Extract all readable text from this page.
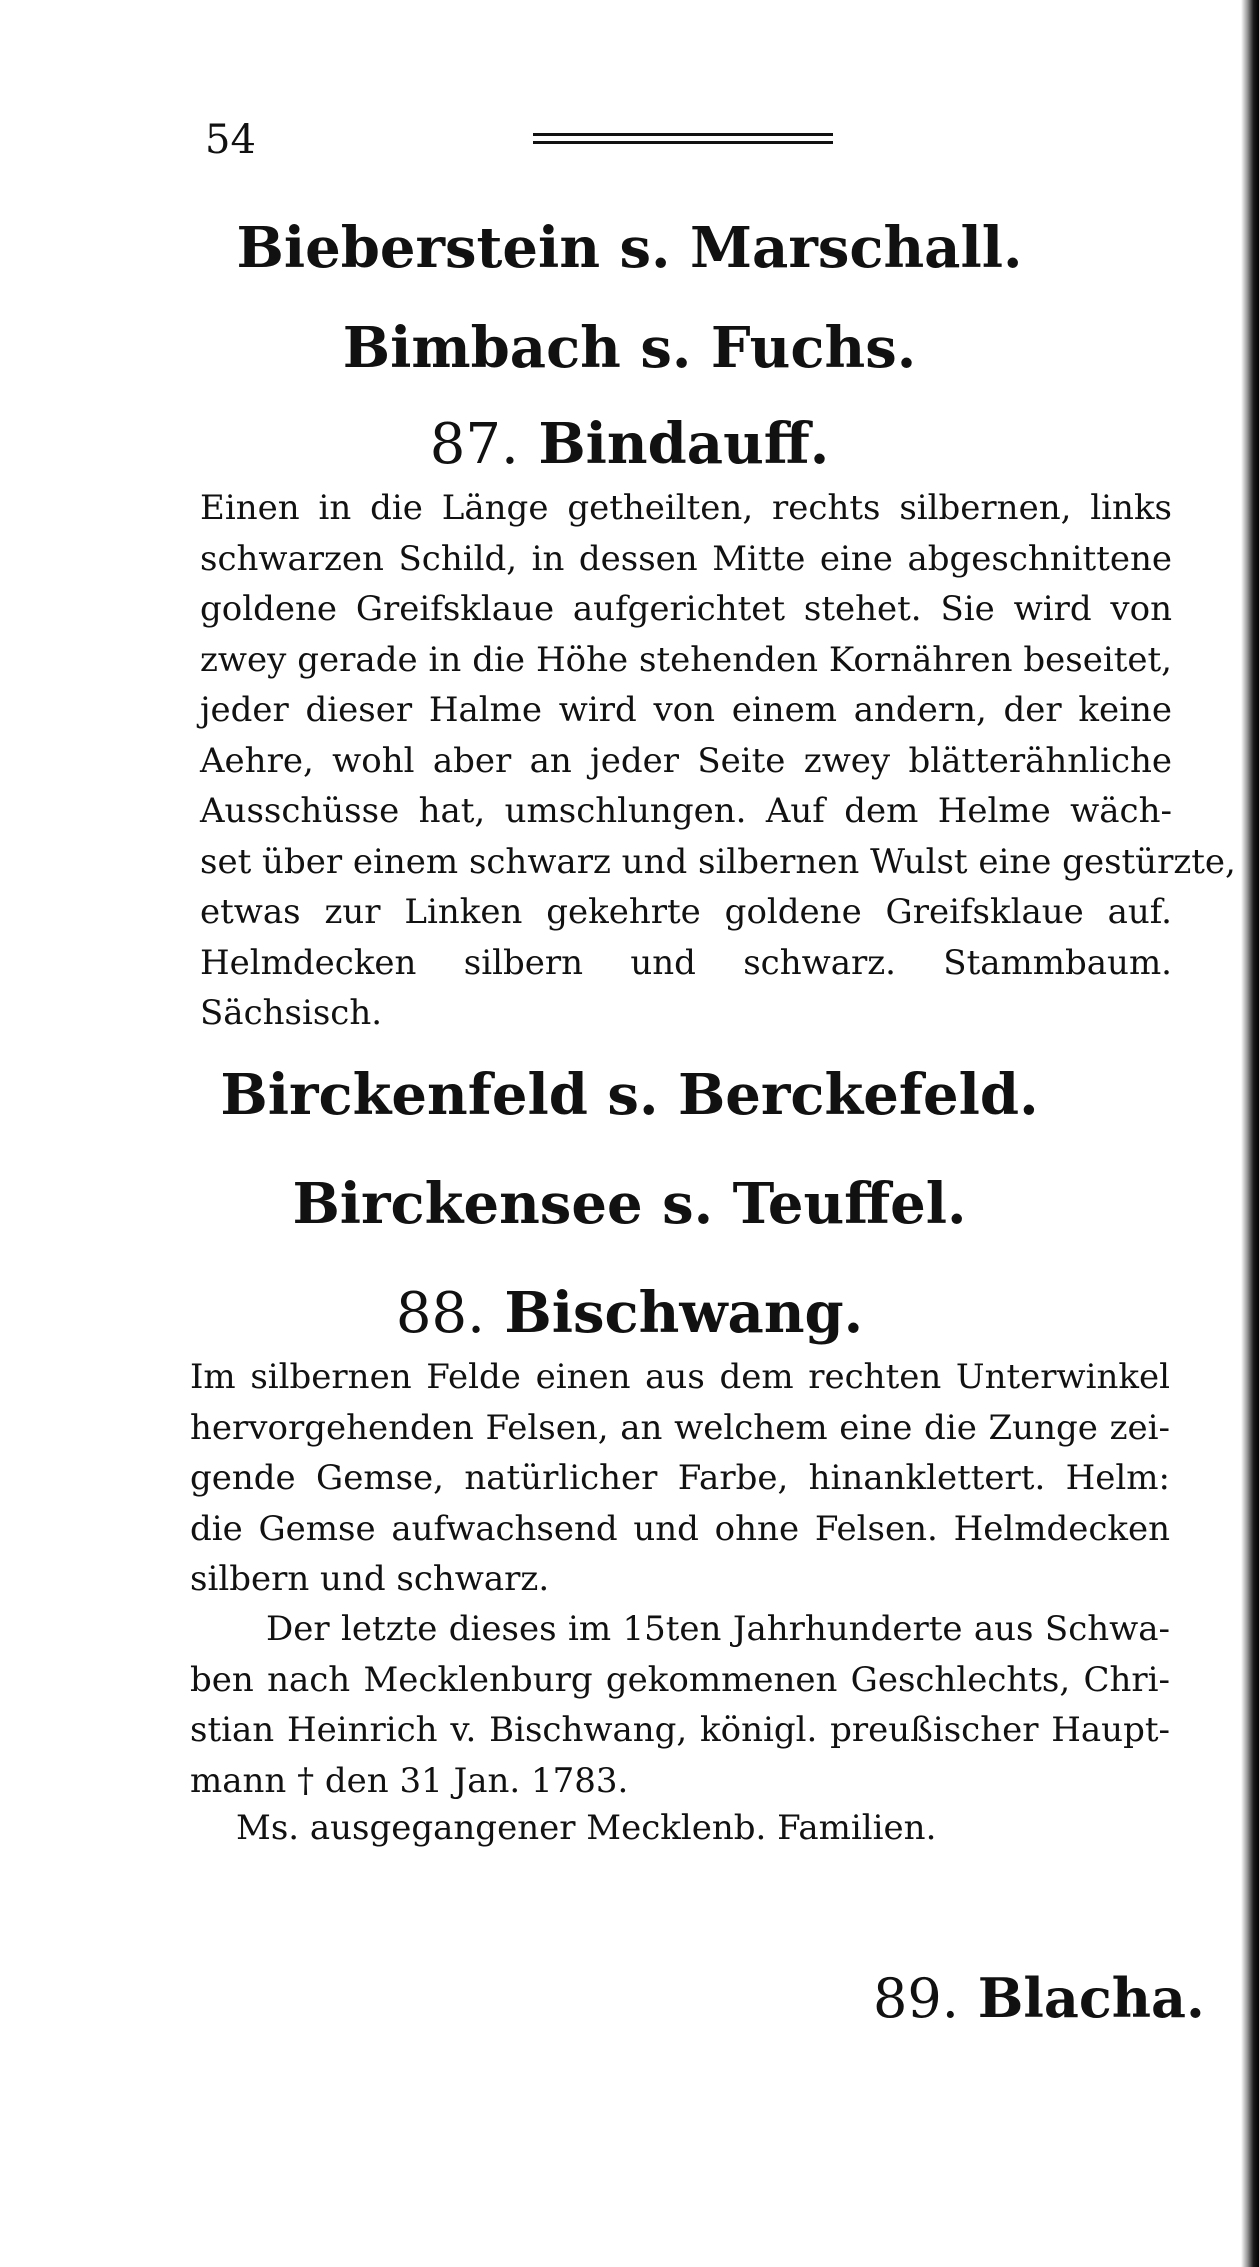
54
Bieberstein s. Marschall.
Bimbach s. Fuchs.
87. Bindauff.
Einen in die Länge getheilten, rechts silbernen, links
schwarzen Schild, in dessen Mitte eine abgeschnittene
goldene Greifsklaue aufgerichtet stehet. Sie wird von
zwey gerade in die Höhe stehenden Kornähren beseitet,
jeder dieser Halme wird von einem andern, der keine
Aehre, wohl aber an jeder Seite zwey blätterähnliche
Ausschüsse hat, umschlungen. Auf dem Helme wäch-
set über einem schwarz und silbernen Wulst eine gestürzte,
etwas zur Linken gekehrte goldene Greifsklaue auf.
Helmdecken silbern und schwarz. Stammbaum.
Sächsisch.
Birckenfeld s. Berckefeld.
Birckensee s. Teuffel.
88. Bischwang.
Im silbernen Felde einen aus dem rechten Unterwinkel
hervorgehenden Felsen, an welchem eine die Zunge zei-
gende Gemse, natürlicher Farbe, hinanklettert. Helm:
die Gemse aufwachsend und ohne Felsen. Helmdecken
silbern und schwarz.
Der letzte dieses im 15ten Jahrhunderte aus Schwa-
ben nach Mecklenburg gekommenen Geschlechts, Chri-
stian Heinrich v. Bischwang, königl. preußischer Haupt-
mann † den 31 Jan. 1783.
Ms. ausgegangener Mecklenb. Familien.
89. Blacha.
